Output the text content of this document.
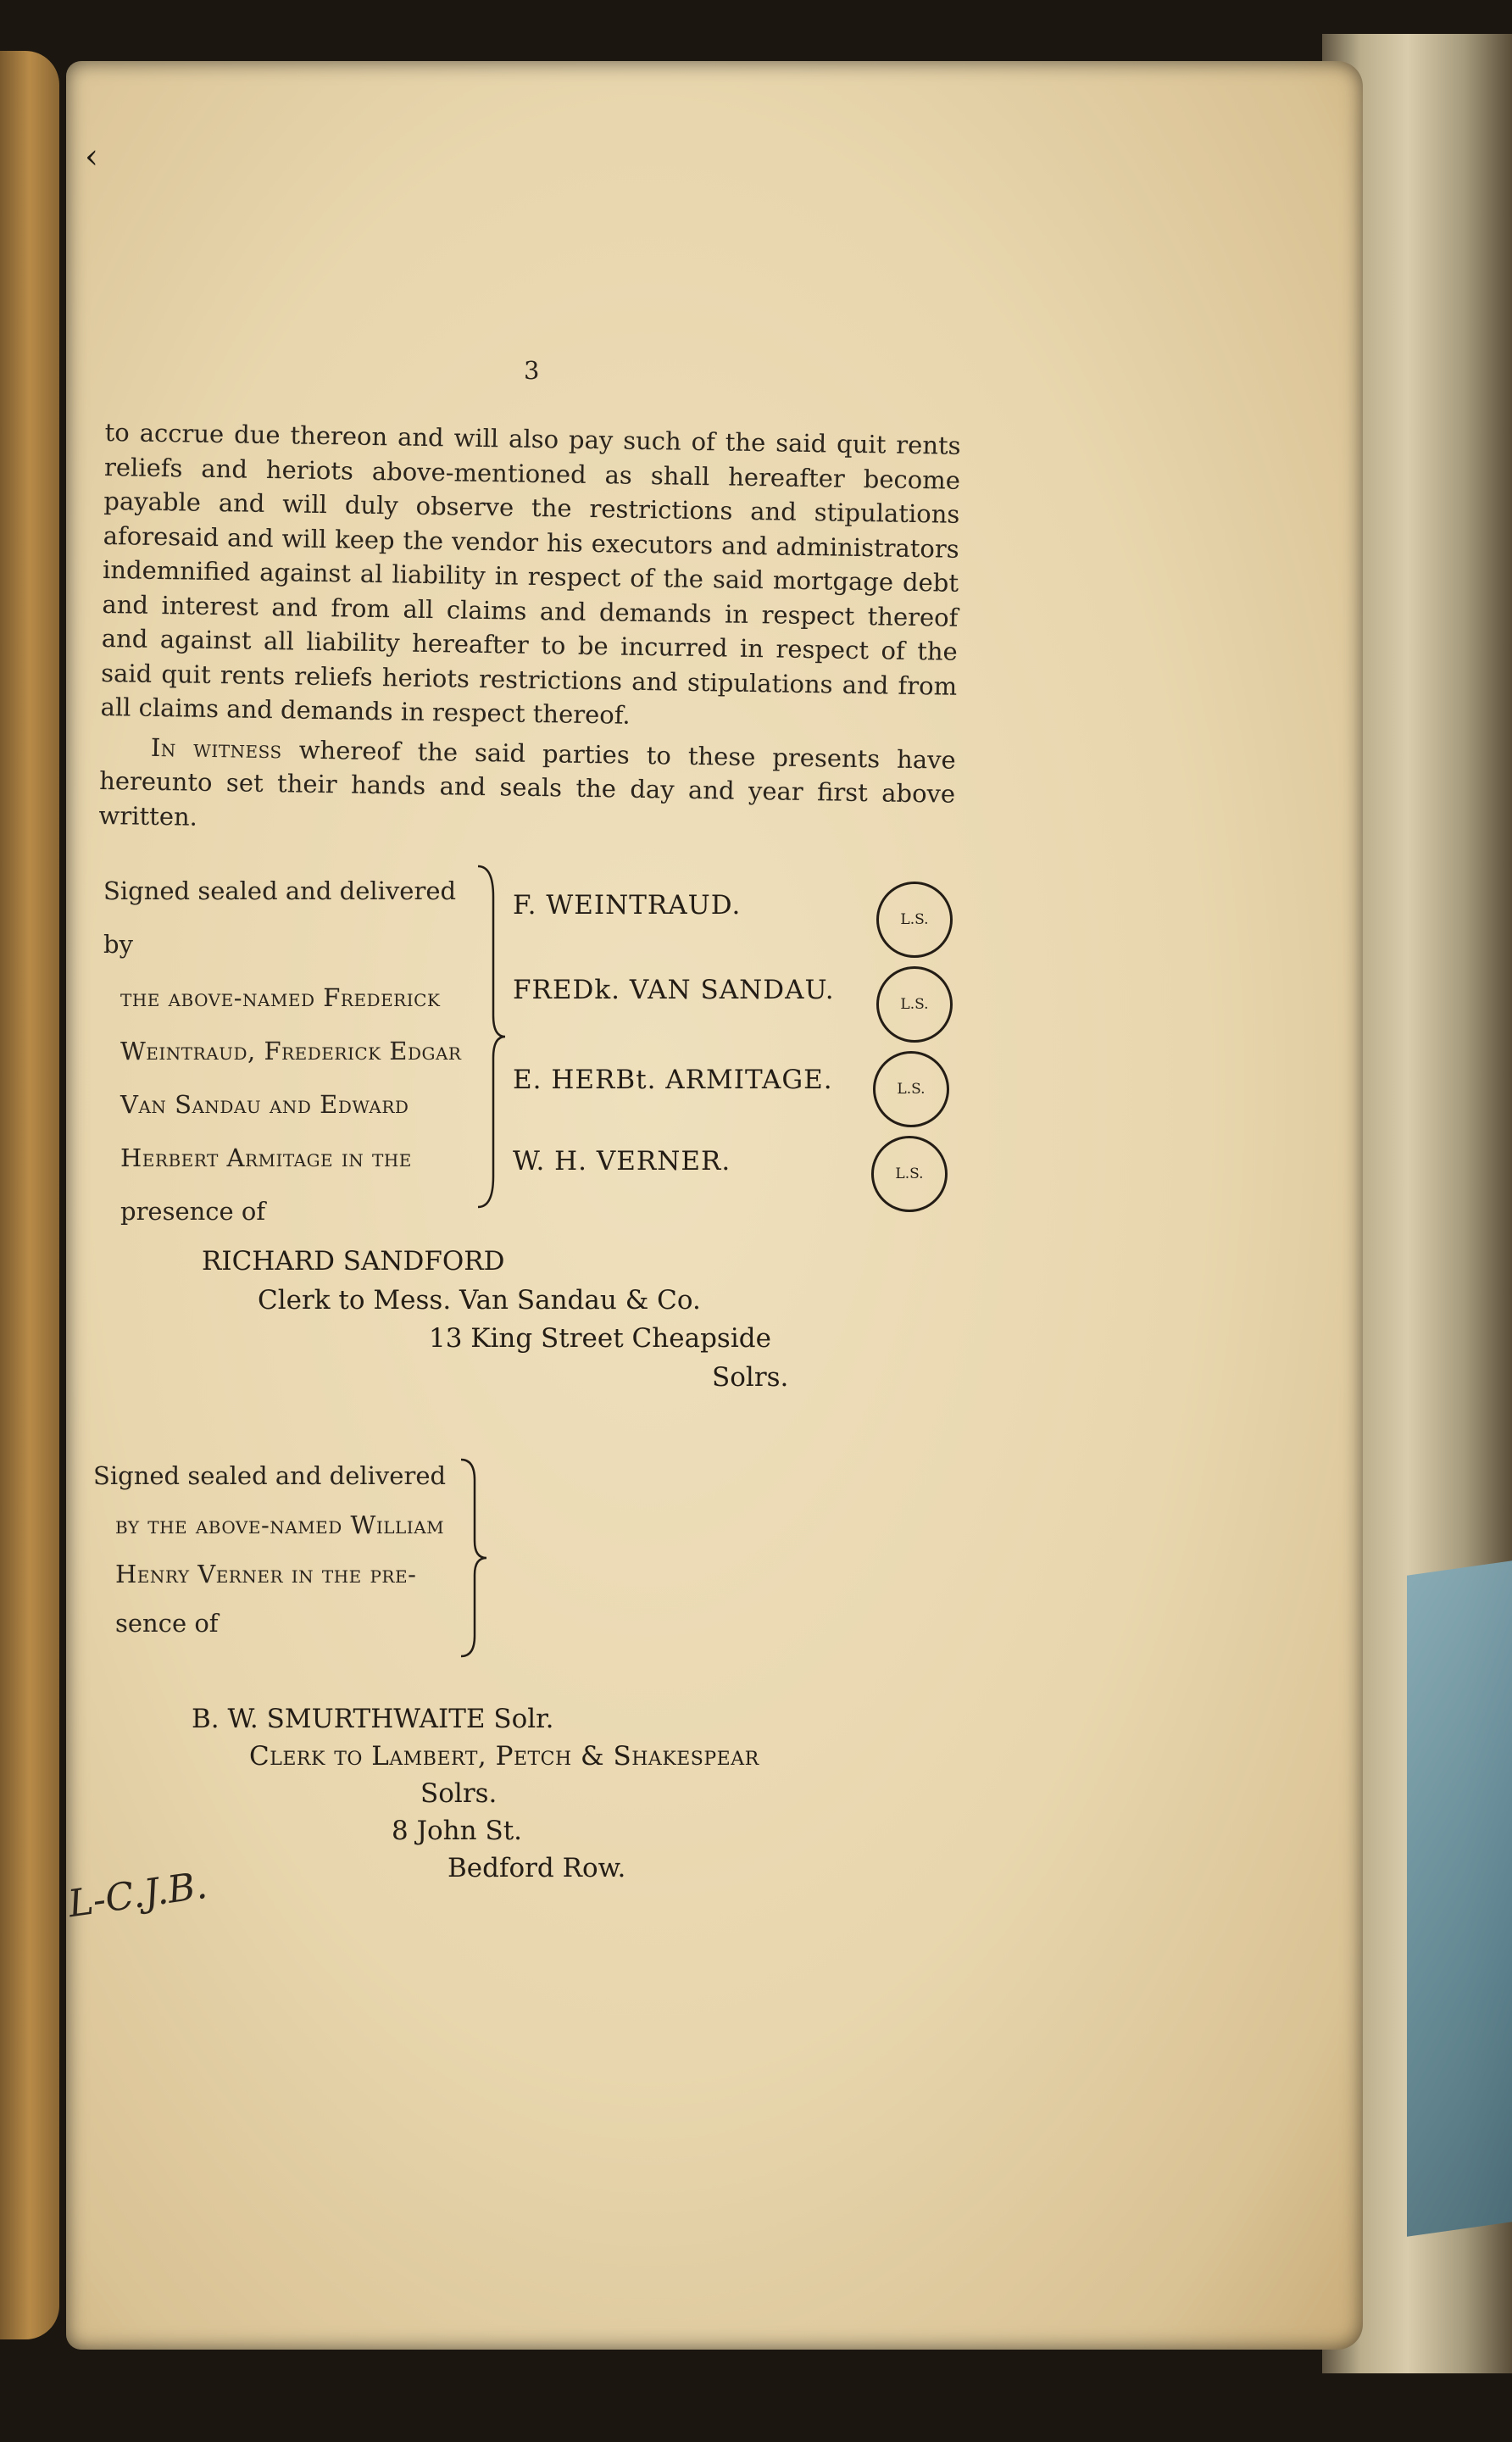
‹
3

to accrue due thereon and will also pay such of the said quit rents reliefs and heriots above-mentioned as shall hereafter become payable and will duly observe the restrictions and stipulations aforesaid and will keep the vendor his executors and administrators indemnified against al liability in respect of the said mortgage debt and interest and from all claims and demands in respect thereof and against all liability hereafter to be incurred in respect of the said quit rents reliefs heriots restrictions and stipulations and from all claims and demands in respect thereof.

In witness whereof the said parties to these presents have hereunto set their hands and seals the day and year first above written.

Signed sealed and delivered by
the above-named Frederick
Weintraud, Frederick Edgar
Van Sandau and Edward
Herbert Armitage in the
presence of
F. WEINTRAUD.
FREDk. VAN SANDAU.
E. HERBt. ARMITAGE.
W. H. VERNER.
L.S.
L.S.
L.S.
L.S.
RICHARD SANDFORD
Clerk to Mess. Van Sandau & Co.
13 King Street Cheapside
Solrs.
Signed sealed and delivered
by the above-named William
Henry Verner in the pre-
sence of
B. W. SMURTHWAITE Solr.
Clerk to Lambert, Petch & Shakespear
Solrs.
8 John St.
Bedford Row.
L-C.J.B.
